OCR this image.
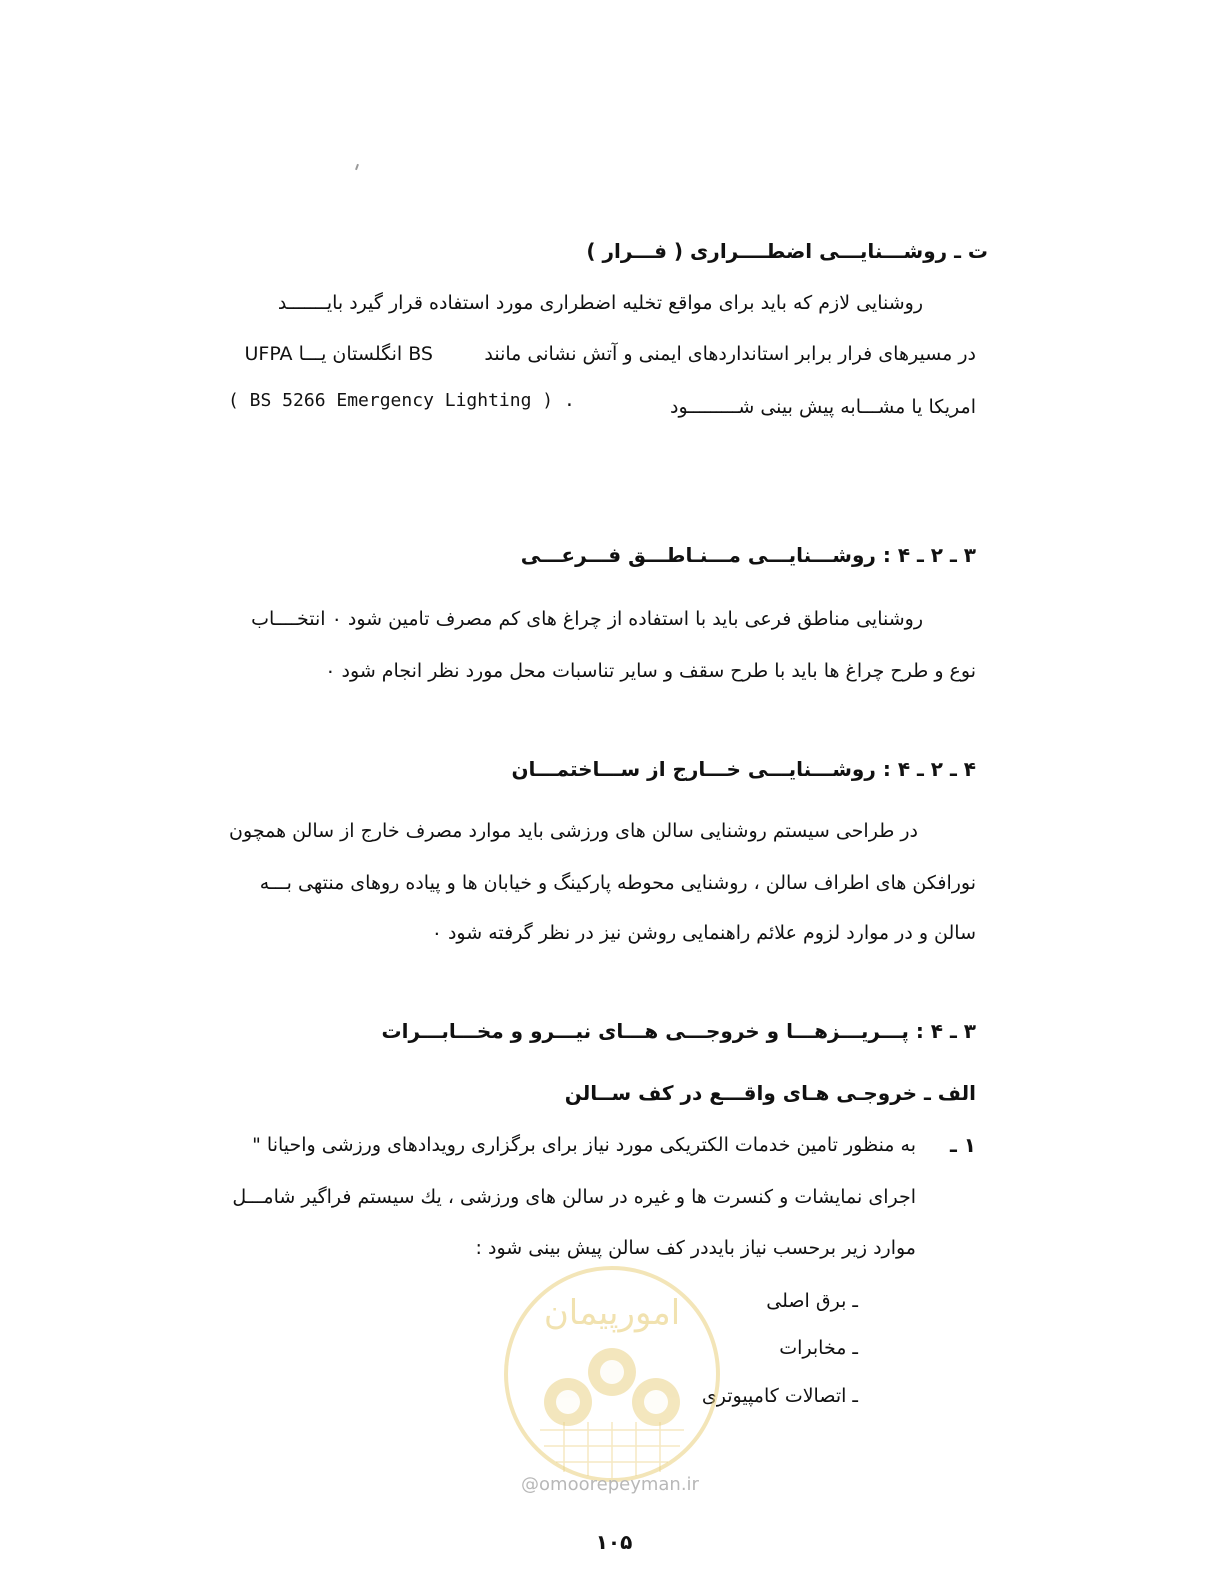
ت ـ روشـــنایـــی اضطــــراری ( فـــرار )
روشنایی لازم که باید برای مواقع تخلیه اضطراری مورد استفاده قرار گیرد بایـــــــد
در مسیرهای فرار برابر استانداردهای ایمنی و آتش نشانی مانند
BS انگلستان یـــا UFPA
امریکا یا مشـــابه پیش بینی شـــــــــود
( BS 5266 Emergency Lighting ) .
۳ ـ ۲ ـ ۴ : روشـــنایـــی مـــنـاطـــق فـــرعـــی
روشنایی مناطق فرعی باید با استفاده از چراغ های کم مصرف تامین شود ۰ انتخــــاب
نوع و طرح چراغ ها باید با طرح سقف و سایر تناسبات محل مورد نظر انجام شود ۰
۴ ـ ۲ ـ ۴ : روشـــنایـــی خـــارج از ســـاختمـــان
در طراحی سیستم روشنایی سالن های ورزشی باید موارد مصرف خارج از سالن همچون
نورافکن های اطراف سالن ، روشنایی محوطه پارکینگ و خیابان ها و پیاده روهای منتهی بـــه
سالن و در موارد لزوم علائم راهنمایی روشن نیز در نظر گرفته شود ۰
۳ ـ ۴ : پـــریـــزهـــا و خروجـــی هـــای نیـــرو و مخـــابـــرات
الف ـ خروجـی هـای واقـــع در کف ســالن
۱ ـ
به منظور تامین خدمات الکتریکی مورد نیاز برای برگزاری رویدادهای ورزشی واحیانا "
اجرای نمایشات و کنسرت ها و غیره در سالن های ورزشی ، یك سیستم فراگیر شامـــل
موارد زیر برحسب نیاز بایددر کف سالن پیش بینی شود :
ـ برق اصلی
ـ مخابرات
ـ اتصالات کامپیوتری
امورپیمان
@omoorepeyman.ir
۱۰۵
